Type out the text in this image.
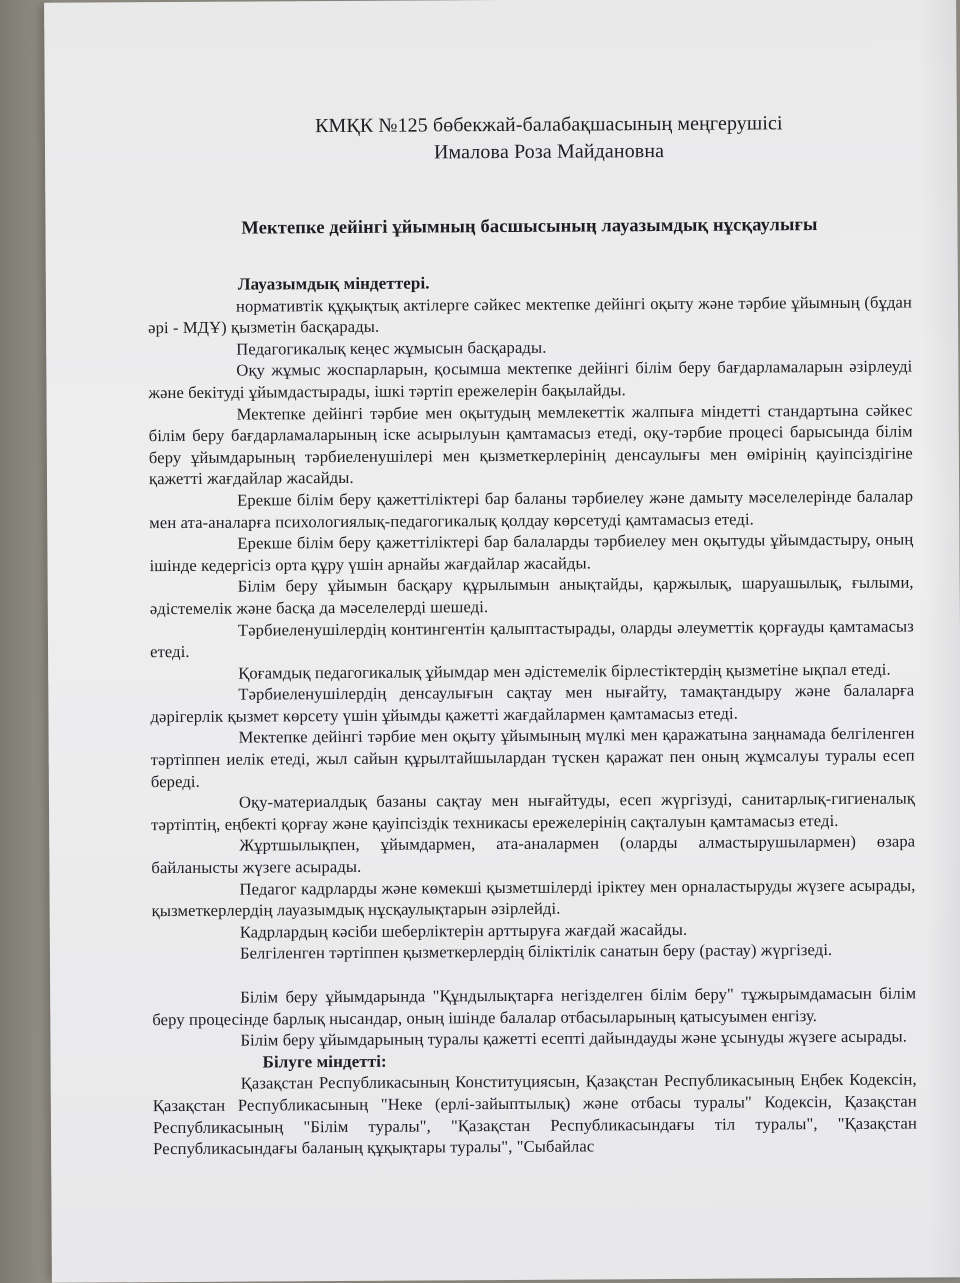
КМҚК №125 бөбекжай-балабақшасының меңгерушісі
Ималовa Роза Майдановна
Мектепке дейінгі ұйымның басшысының лауазымдық нұсқаулығы
Лауазымдық міндеттері.

нормативтік құқықтық актілерге сәйкес мектепке дейінгі оқыту және тәрбие ұйымның (бұдан әрі - МДҰ) қызметін басқарады.

Педагогикалық кеңес жұмысын басқарады.

Оқу жұмыс жоспарларын, қосымша мектепке дейінгі білім беру бағдарламаларын әзірлеуді және бекітуді ұйымдастырады, ішкі тәртіп ережелерін бақылайды.

Мектепке дейінгі тәрбие мен оқытудың мемлекеттік жалпыға міндетті стандартына сәйкес білім беру бағдарламаларының іске асырылуын қамтамасыз етеді, оқу-тәрбие процесі барысында білім беру ұйымдарының тәрбиеленушілері мен қызметкерлерінің денсаулығы мен өмірінің қауіпсіздігіне қажетті жағдайлар жасайды.

Ерекше білім беру қажеттіліктері бар баланы тәрбиелеу және дамыту мәселелерінде балалар мен ата-аналарға психологиялық-педагогикалық қолдау көрсетуді қамтамасыз етеді.

Ерекше білім беру қажеттіліктері бар балаларды тәрбиелеу мен оқытуды ұйымдастыру, оның ішінде кедергісіз орта құру үшін арнайы жағдайлар жасайды.

Білім беру ұйымын басқару құрылымын анықтайды, қаржылық, шаруашылық, ғылыми, әдістемелік және басқа да мәселелерді шешеді.

Тәрбиеленушілердің контингентін қалыптастырады, оларды әлеуметтік қорғауды қамтамасыз етеді.

Қоғамдық педагогикалық ұйымдар мен әдістемелік бірлестіктердің қызметіне ықпал етеді.

Тәрбиеленушілердің денсаулығын сақтау мен нығайту, тамақтандыру және балаларға дәрігерлік қызмет көрсету үшін ұйымды қажетті жағдайлармен қамтамасыз етеді.

Мектепке дейінгі тәрбие мен оқыту ұйымының мүлкі мен қаражатына заңнамада белгіленген тәртіппен иелік етеді, жыл сайын құрылтайшылардан түскен қаражат пен оның жұмсалуы туралы есеп береді.

Оқу-материалдық базаны сақтау мен нығайтуды, есеп жүргізуді, санитарлық-гигиеналық тәртіптің, еңбекті қорғау және қауіпсіздік техникасы ережелерінің сақталуын қамтамасыз етеді.

Жұртшылықпен, ұйымдармен, ата-аналармен (оларды алмастырушылармен) өзара байланысты жүзеге асырады.

Педагог кадрларды және көмекші қызметшілерді іріктеу мен орналастыруды жүзеге асырады, қызметкерлердің лауазымдық нұсқаулықтарын әзірлейді.

Кадрлардың кәсіби шеберліктерін арттыруға жағдай жасайды.

Белгіленген тәртіппен қызметкерлердің біліктілік санатын беру (растау) жүргізеді.

Білім беру ұйымдарында "Құндылықтарға негізделген білім беру" тұжырымдамасын білім беру процесінде барлық нысандар, оның ішінде балалар отбасыларының қатысуымен енгізу.

Білім беру ұйымдарының туралы қажетті есепті дайындауды және ұсынуды жүзеге асырады.

Білуге міндетті:

Қазақстан Республикасының Конституциясын, Қазақстан Республикасының Еңбек Кодексін, Қазақстан Республикасының "Неке (ерлі-зайыптылық) және отбасы туралы" Кодексін, Қазақстан Республикасының "Білім туралы", "Қазақстан Республикасындағы тіл туралы", "Қазақстан Республикасындағы баланың құқықтары туралы", "Сыбайлас
